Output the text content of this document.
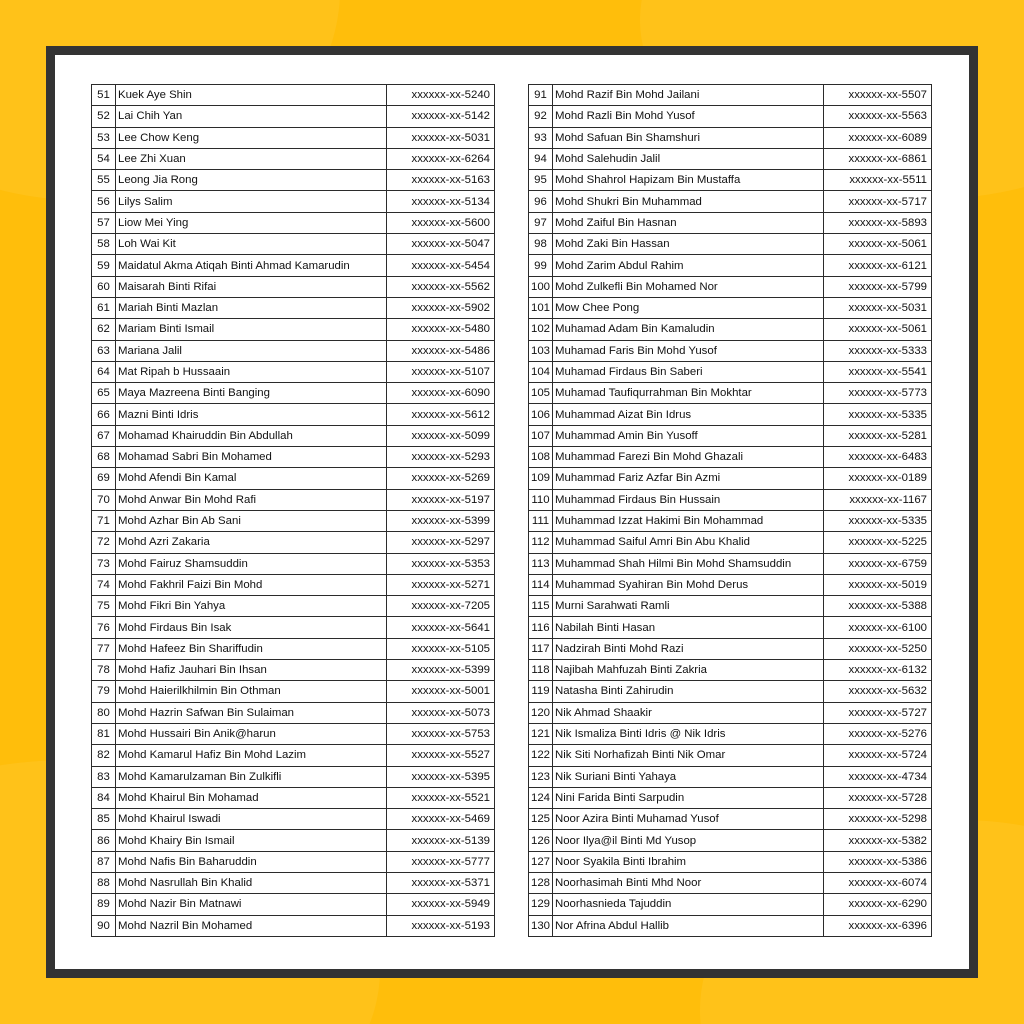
51	Kuek Aye Shin	xxxxxx-xx-5240
52	Lai Chih Yan	xxxxxx-xx-5142
53	Lee Chow Keng	xxxxxx-xx-5031
54	Lee Zhi Xuan	xxxxxx-xx-6264
55	Leong Jia Rong	xxxxxx-xx-5163
56	Lilys Salim	xxxxxx-xx-5134
57	Liow Mei Ying	xxxxxx-xx-5600
58	Loh Wai Kit	xxxxxx-xx-5047
59	Maidatul Akma Atiqah Binti Ahmad Kamarudin	xxxxxx-xx-5454
60	Maisarah Binti Rifai	xxxxxx-xx-5562
61	Mariah Binti Mazlan	xxxxxx-xx-5902
62	Mariam Binti Ismail	xxxxxx-xx-5480
63	Mariana Jalil	xxxxxx-xx-5486
64	Mat Ripah b Hussaain	xxxxxx-xx-5107
65	Maya Mazreena Binti Banging	xxxxxx-xx-6090
66	Mazni Binti Idris	xxxxxx-xx-5612
67	Mohamad Khairuddin Bin Abdullah	xxxxxx-xx-5099
68	Mohamad Sabri Bin Mohamed	xxxxxx-xx-5293
69	Mohd Afendi Bin Kamal	xxxxxx-xx-5269
70	Mohd Anwar Bin Mohd Rafi	xxxxxx-xx-5197
71	Mohd Azhar Bin Ab Sani	xxxxxx-xx-5399
72	Mohd Azri Zakaria	xxxxxx-xx-5297
73	Mohd Fairuz Shamsuddin	xxxxxx-xx-5353
74	Mohd Fakhril Faizi Bin Mohd	xxxxxx-xx-5271
75	Mohd Fikri Bin Yahya	xxxxxx-xx-7205
76	Mohd Firdaus Bin Isak	xxxxxx-xx-5641
77	Mohd Hafeez Bin Shariffudin	xxxxxx-xx-5105
78	Mohd Hafiz Jauhari Bin Ihsan	xxxxxx-xx-5399
79	Mohd Haierilkhilmin Bin Othman	xxxxxx-xx-5001
80	Mohd Hazrin Safwan Bin Sulaiman	xxxxxx-xx-5073
81	Mohd Hussairi Bin Anik@harun	xxxxxx-xx-5753
82	Mohd Kamarul Hafiz Bin Mohd Lazim	xxxxxx-xx-5527
83	Mohd Kamarulzaman Bin Zulkifli	xxxxxx-xx-5395
84	Mohd Khairul Bin Mohamad	xxxxxx-xx-5521
85	Mohd Khairul Iswadi	xxxxxx-xx-5469
86	Mohd Khairy Bin Ismail	xxxxxx-xx-5139
87	Mohd Nafis Bin Baharuddin	xxxxxx-xx-5777
88	Mohd Nasrullah Bin Khalid	xxxxxx-xx-5371
89	Mohd Nazir Bin Matnawi	xxxxxx-xx-5949
90	Mohd Nazril Bin Mohamed	xxxxxx-xx-5193
91	Mohd Razif Bin Mohd Jailani	xxxxxx-xx-5507
92	Mohd Razli Bin Mohd Yusof	xxxxxx-xx-5563
93	Mohd Safuan Bin Shamshuri	xxxxxx-xx-6089
94	Mohd Salehudin Jalil	xxxxxx-xx-6861
95	Mohd Shahrol Hapizam Bin Mustaffa	xxxxxx-xx-5511
96	Mohd Shukri Bin Muhammad	xxxxxx-xx-5717
97	Mohd Zaiful Bin Hasnan	xxxxxx-xx-5893
98	Mohd Zaki Bin Hassan	xxxxxx-xx-5061
99	Mohd Zarim Abdul Rahim	xxxxxx-xx-6121
100	Mohd Zulkefli Bin Mohamed Nor	xxxxxx-xx-5799
101	Mow Chee Pong	xxxxxx-xx-5031
102	Muhamad Adam Bin Kamaludin	xxxxxx-xx-5061
103	Muhamad Faris Bin Mohd Yusof	xxxxxx-xx-5333
104	Muhamad Firdaus Bin Saberi	xxxxxx-xx-5541
105	Muhamad Taufiqurrahman Bin Mokhtar	xxxxxx-xx-5773
106	Muhammad Aizat Bin Idrus	xxxxxx-xx-5335
107	Muhammad Amin Bin Yusoff	xxxxxx-xx-5281
108	Muhammad Farezi Bin Mohd Ghazali	xxxxxx-xx-6483
109	Muhammad Fariz Azfar Bin Azmi	xxxxxx-xx-0189
110	Muhammad Firdaus Bin Hussain	xxxxxx-xx-1167
111	Muhammad Izzat Hakimi Bin Mohammad	xxxxxx-xx-5335
112	Muhammad Saiful Amri Bin Abu Khalid	xxxxxx-xx-5225
113	Muhammad Shah Hilmi Bin Mohd Shamsuddin	xxxxxx-xx-6759
114	Muhammad Syahiran Bin Mohd Derus	xxxxxx-xx-5019
115	Murni Sarahwati Ramli	xxxxxx-xx-5388
116	Nabilah Binti Hasan	xxxxxx-xx-6100
117	Nadzirah Binti Mohd Razi	xxxxxx-xx-5250
118	Najibah Mahfuzah Binti Zakria	xxxxxx-xx-6132
119	Natasha Binti Zahirudin	xxxxxx-xx-5632
120	Nik Ahmad Shaakir	xxxxxx-xx-5727
121	Nik Ismaliza Binti Idris @ Nik Idris	xxxxxx-xx-5276
122	Nik Siti Norhafizah Binti Nik Omar	xxxxxx-xx-5724
123	Nik Suriani Binti Yahaya	xxxxxx-xx-4734
124	Nini Farida Binti Sarpudin	xxxxxx-xx-5728
125	Noor Azira Binti Muhamad Yusof	xxxxxx-xx-5298
126	Noor Ilya@il Binti Md Yusop	xxxxxx-xx-5382
127	Noor Syakila Binti Ibrahim	xxxxxx-xx-5386
128	Noorhasimah Binti Mhd Noor	xxxxxx-xx-6074
129	Noorhasnieda Tajuddin	xxxxxx-xx-6290
130	Nor Afrina Abdul Hallib	xxxxxx-xx-6396
